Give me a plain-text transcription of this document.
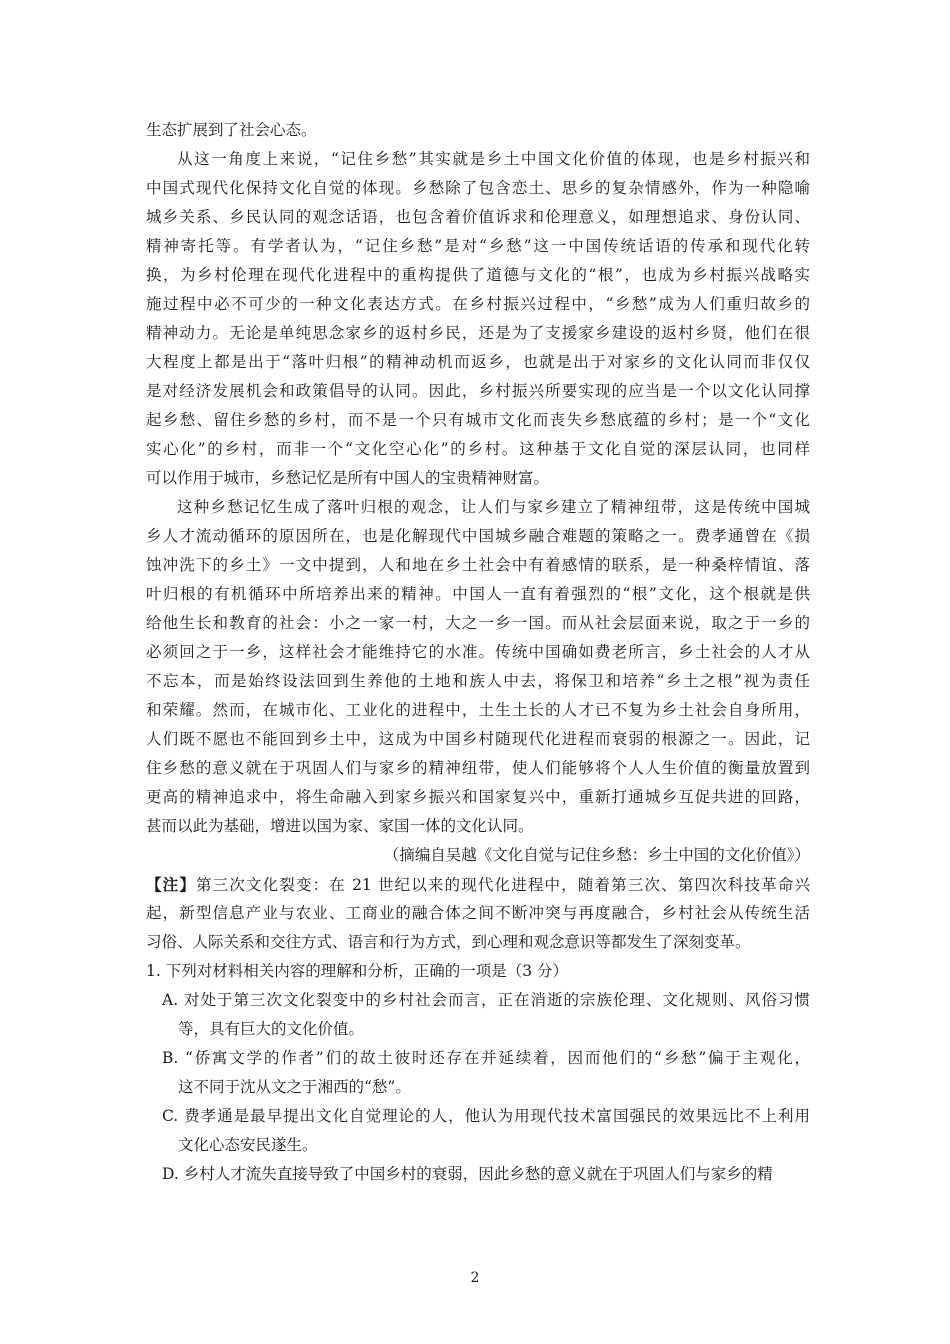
生态扩展到了社会心态。
从这一角度上来说，“记住乡愁”其实就是乡土中国文化价值的体现，也是乡村振兴和
中国式现代化保持文化自觉的体现。乡愁除了包含恋土、思乡的复杂情感外，作为一种隐喻
城乡关系、乡民认同的观念话语，也包含着价值诉求和伦理意义，如理想追求、身份认同、
精神寄托等。有学者认为，“记住乡愁”是对“乡愁”这一中国传统话语的传承和现代化转
换，为乡村伦理在现代化进程中的重构提供了道德与文化的“根”，也成为乡村振兴战略实
施过程中必不可少的一种文化表达方式。在乡村振兴过程中，“乡愁”成为人们重归故乡的
精神动力。无论是单纯思念家乡的返村乡民，还是为了支援家乡建设的返村乡贤，他们在很
大程度上都是出于“落叶归根”的精神动机而返乡，也就是出于对家乡的文化认同而非仅仅
是对经济发展机会和政策倡导的认同。因此，乡村振兴所要实现的应当是一个以文化认同撑
起乡愁、留住乡愁的乡村，而不是一个只有城市文化而丧失乡愁底蕴的乡村；是一个“文化
实心化”的乡村，而非一个“文化空心化”的乡村。这种基于文化自觉的深层认同，也同样
可以作用于城市，乡愁记忆是所有中国人的宝贵精神财富。
这种乡愁记忆生成了落叶归根的观念，让人们与家乡建立了精神纽带，这是传统中国城
乡人才流动循环的原因所在，也是化解现代中国城乡融合难题的策略之一。费孝通曾在《损
蚀冲洗下的乡土》一文中提到，人和地在乡土社会中有着感情的联系，是一种桑梓情谊、落
叶归根的有机循环中所培养出来的精神。中国人一直有着强烈的“根”文化，这个根就是供
给他生长和教育的社会：小之一家一村，大之一乡一国。而从社会层面来说，取之于一乡的
必须回之于一乡，这样社会才能维持它的水准。传统中国确如费老所言，乡土社会的人才从
不忘本，而是始终设法回到生养他的土地和族人中去，将保卫和培养“乡土之根”视为责任
和荣耀。然而，在城市化、工业化的进程中，土生土长的人才已不复为乡土社会自身所用，
人们既不愿也不能回到乡土中，这成为中国乡村随现代化进程而衰弱的根源之一。因此，记
住乡愁的意义就在于巩固人们与家乡的精神纽带，使人们能够将个人人生价值的衡量放置到
更高的精神追求中，将生命融入到家乡振兴和国家复兴中，重新打通城乡互促共进的回路，
甚而以此为基础，增进以国为家、家国一体的文化认同。
（摘编自吴越《文化自觉与记住乡愁：乡土中国的文化价值》）
【注】第三次文化裂变：在 21 世纪以来的现代化进程中，随着第三次、第四次科技革命兴
起，新型信息产业与农业、工商业的融合体之间不断冲突与再度融合，乡村社会从传统生活
习俗、人际关系和交往方式、语言和行为方式，到心理和观念意识等都发生了深刻变革。
1. 下列对材料相关内容的理解和分析，正确的一项是（3 分）
A. 对处于第三次文化裂变中的乡村社会而言，正在消逝的宗族伦理、文化规则、风俗习惯
等，具有巨大的文化价值。
B. “侨寓文学的作者”们的故土彼时还存在并延续着，因而他们的“乡愁”偏于主观化，
这不同于沈从文之于湘西的“愁”。
C. 费孝通是最早提出文化自觉理论的人，他认为用现代技术富国强民的效果远比不上利用
文化心态安民遂生。
D. 乡村人才流失直接导致了中国乡村的衰弱，因此乡愁的意义就在于巩固人们与家乡的精
2
